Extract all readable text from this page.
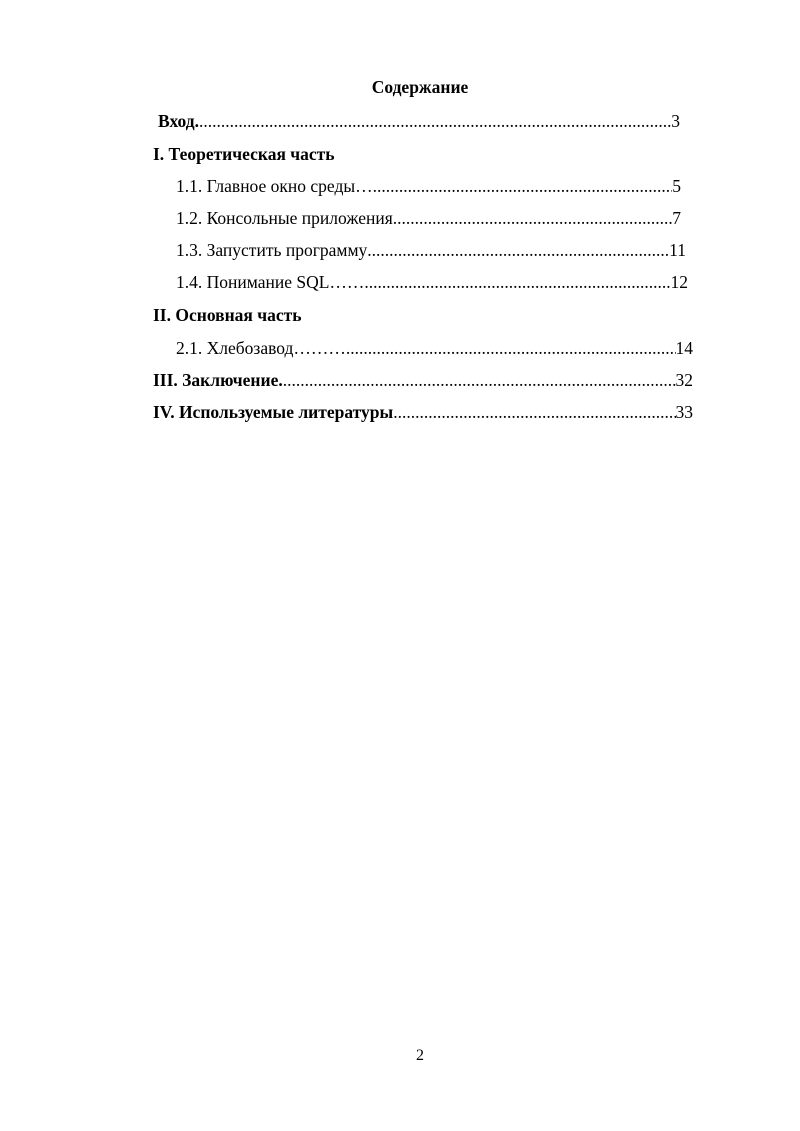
Содержание
Вход. .....	3
I. Теоретическая часть
1.1. Главное окно среды… .....	5
1.2. Консольные приложения .....	7
1.3. Запустить программу .....	11
1.4. Понимание SQL…… .....	12
II. Основная часть
2.1. Хлебозавод……… .....	14
III. Заключение. .....	32
IV. Используемые литературы .....	33
2
